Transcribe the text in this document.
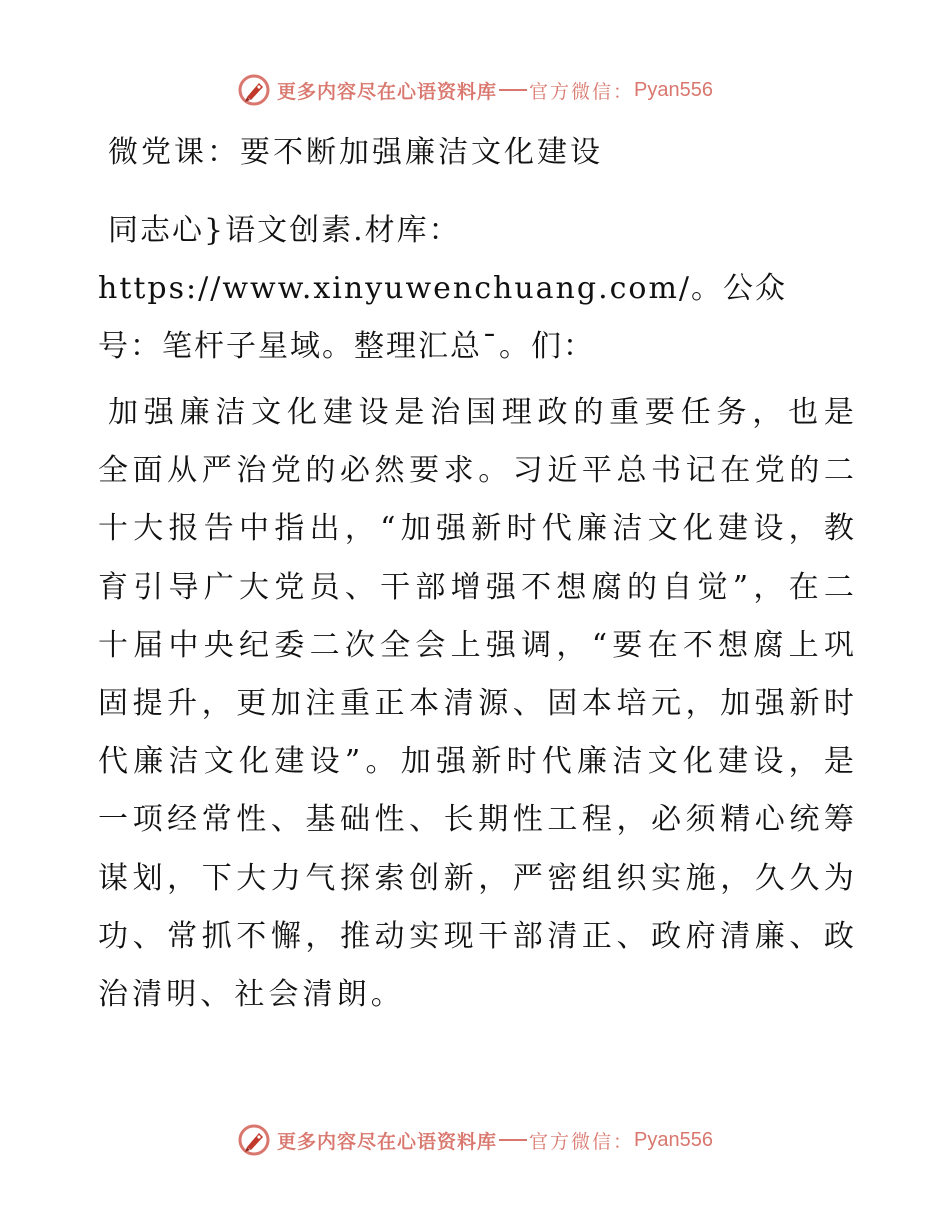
更多内容尽在心语资料库 官方微信： Pyan556
微党课：要不断加强廉洁文化建设
同志心}语文创素.材库：https://www.xinyuwenchuang.com/。公众号：笔杆子星域。整理汇总¯。们：
加强廉洁文化建设是治国理政的重要任务，也是全面从严治党的必然要求。习近平总书记在党的二十大报告中指出，“加强新时代廉洁文化建设，教育引导广大党员、干部增强不想腐的自觉”，在二十届中央纪委二次全会上强调，“要在不想腐上巩固提升，更加注重正本清源、固本培元，加强新时代廉洁文化建设”。加强新时代廉洁文化建设，是一项经常性、基础性、长期性工程，必须精心统筹谋划，下大力气探索创新，严密组织实施，久久为功、常抓不懈，推动实现干部清正、政府清廉、政治清明、社会清朗。
更多内容尽在心语资料库 官方微信： Pyan556
